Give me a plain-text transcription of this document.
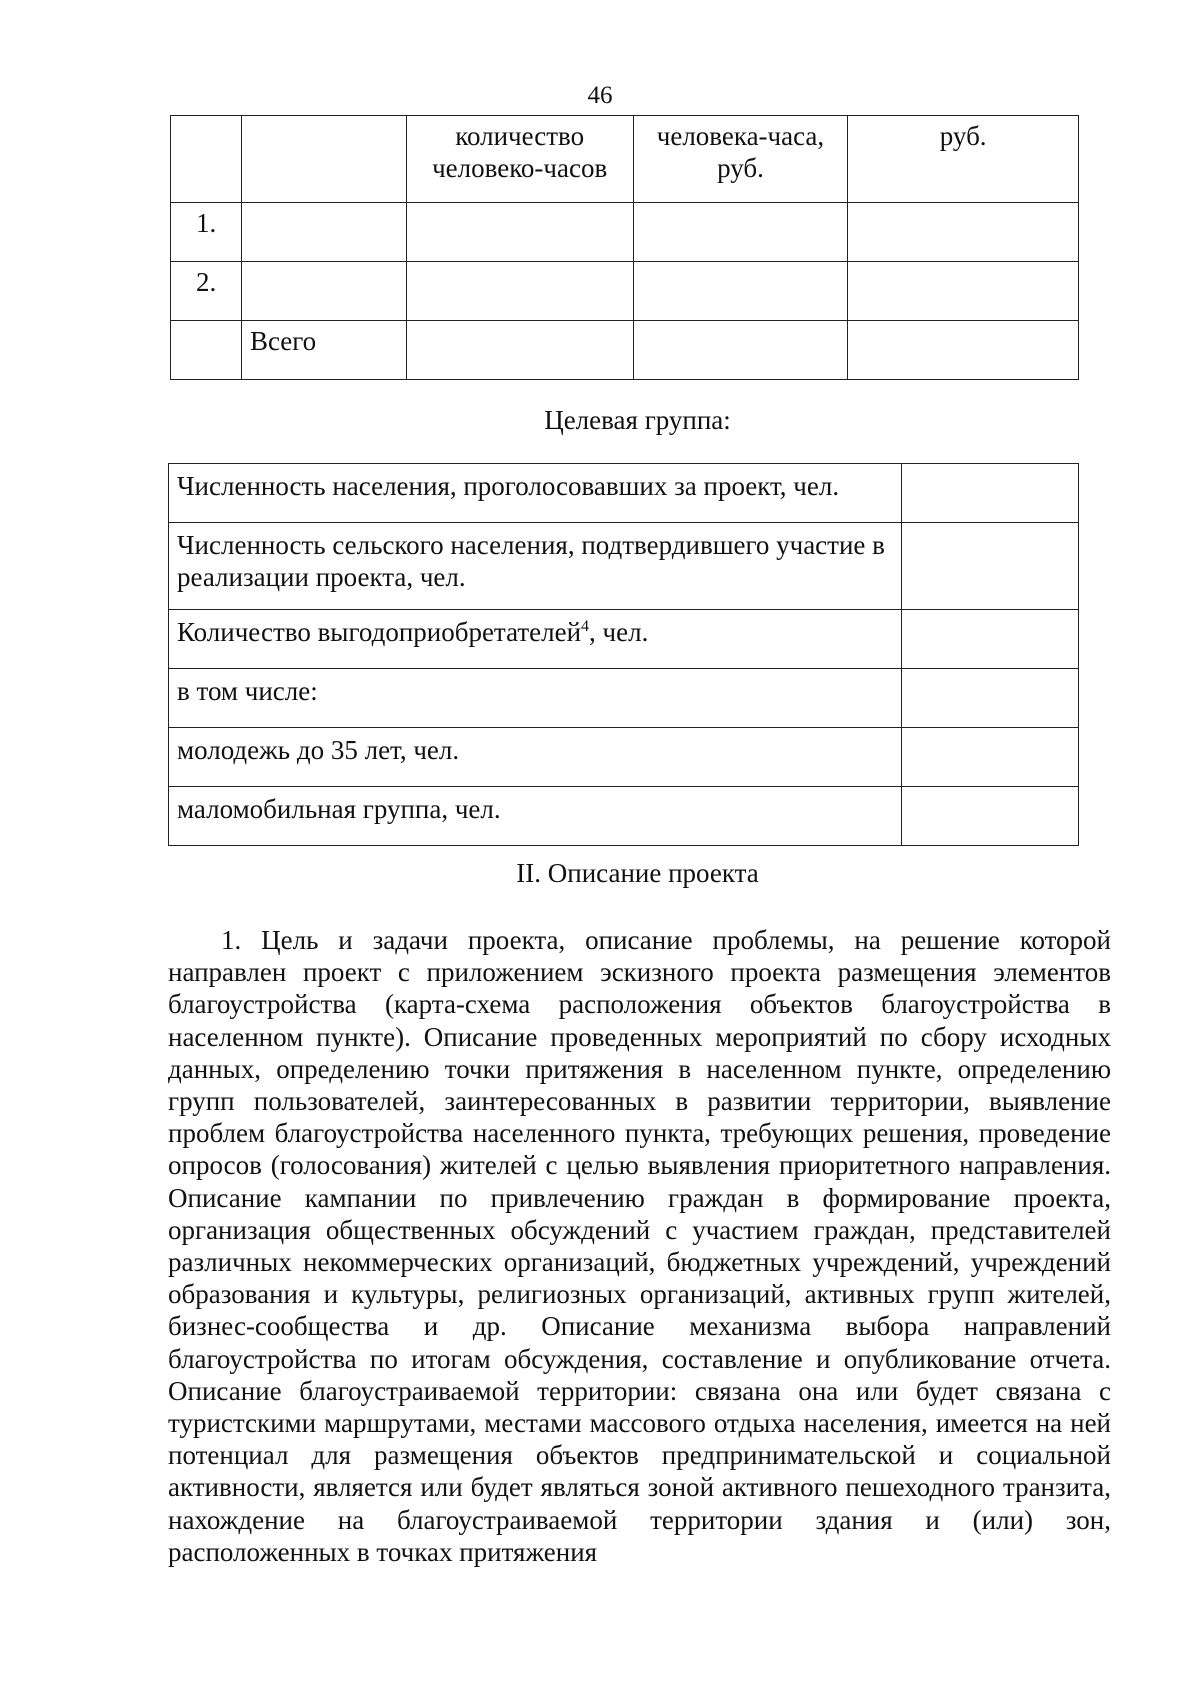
46
		количество человеко-часов	человека-часа, руб.	руб.
1.				
2.				
	Всего			
Целевая группа:
Численность населения, проголосовавших за проект, чел.	
Численность сельского населения, подтвердившего участие в реализации проекта, чел.	
Количество выгодоприобретателей$^4$, чел.	
в том числе:	
молодежь до 35 лет, чел.	
маломобильная группа, чел.	
II. Описание проекта

1. Цель и задачи проекта, описание проблемы, на решение которой направлен проект с приложением эскизного проекта размещения элементов благоустройства (карта-схема расположения объектов благоустройства в населенном пункте). Описание проведенных мероприятий по сбору исходных данных, определению точки притяжения в населенном пункте, определению групп пользователей, заинтересованных в развитии территории, выявление проблем благоустройства населенного пункта, требующих решения, проведение опросов (голосования) жителей с целью выявления приоритетного направления. Описание кампании по привлечению граждан в формирование проекта, организация общественных обсуждений с участием граждан, представителей различных некоммерческих организаций, бюджетных учреждений, учреждений образования и культуры, религиозных организаций, активных групп жителей, бизнес-сообщества и др. Описание механизма выбора направлений благоустройства по итогам обсуждения, составление и опубликование отчета. Описание благоустраиваемой территории: связана она или будет связана с туристскими маршрутами, местами массового отдыха населения, имеется на ней потенциал для размещения объектов предпринимательской и социальной активности, является или будет являться зоной активного пешеходного транзита, нахождение на благоустраиваемой территории здания и (или) зон, расположенных в точках притяжения
